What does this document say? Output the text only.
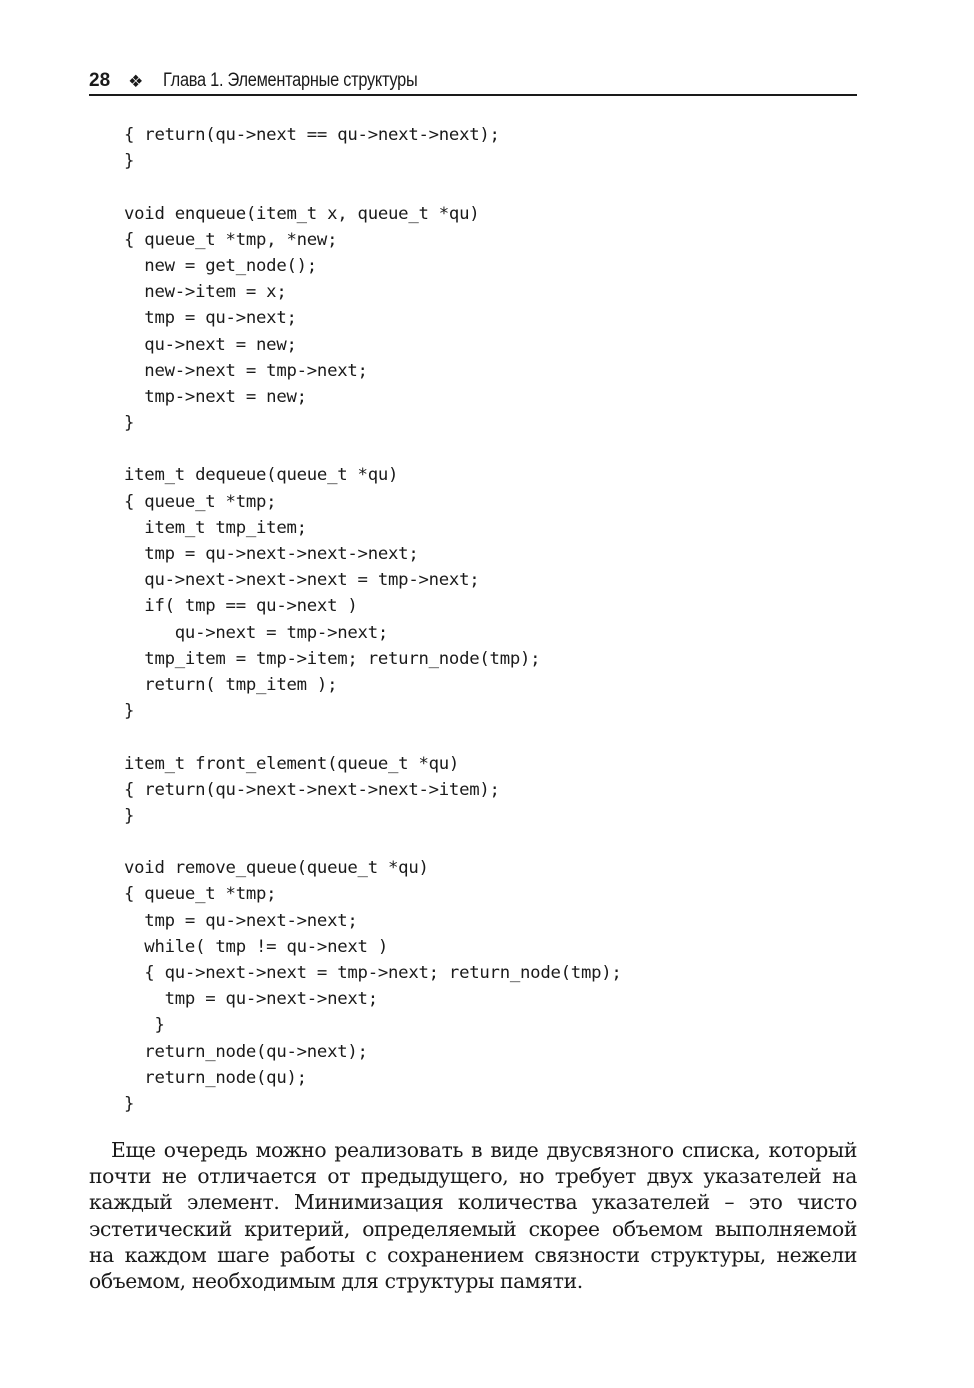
28 ❖ Глава 1. Элементарные структуры
{ return(qu->next == qu->next->next);
}
void enqueue(item_t x, queue_t *qu)
{ queue_t *tmp, *new;
new = get_node();
new->item = x;
tmp = qu->next;
qu->next = new;
new->next = tmp->next;
tmp->next = new;
}
item_t dequeue(queue_t *qu)
{ queue_t *tmp;
item_t tmp_item;
tmp = qu->next->next->next;
qu->next->next->next = tmp->next;
if( tmp == qu->next )
qu->next = tmp->next;
tmp_item = tmp->item; return_node(tmp);
return( tmp_item );
}
item_t front_element(queue_t *qu)
{ return(qu->next->next->next->item);
}
void remove_queue(queue_t *qu)
{ queue_t *tmp;
tmp = qu->next->next;
while( tmp != qu->next )
{ qu->next->next = tmp->next; return_node(tmp);
tmp = qu->next->next;
}
return_node(qu->next);
return_node(qu);
}

Еще очередь можно реализовать в виде двусвязного списка, который почти не отличается от предыдущего, но требует двух указателей на каждый элемент. Минимизация количества указателей – это чисто эстетический критерий, определяемый скорее объемом выполняемой на каждом шаге работы с сохранением связности структуры, нежели объемом, необходимым для структуры памяти.
